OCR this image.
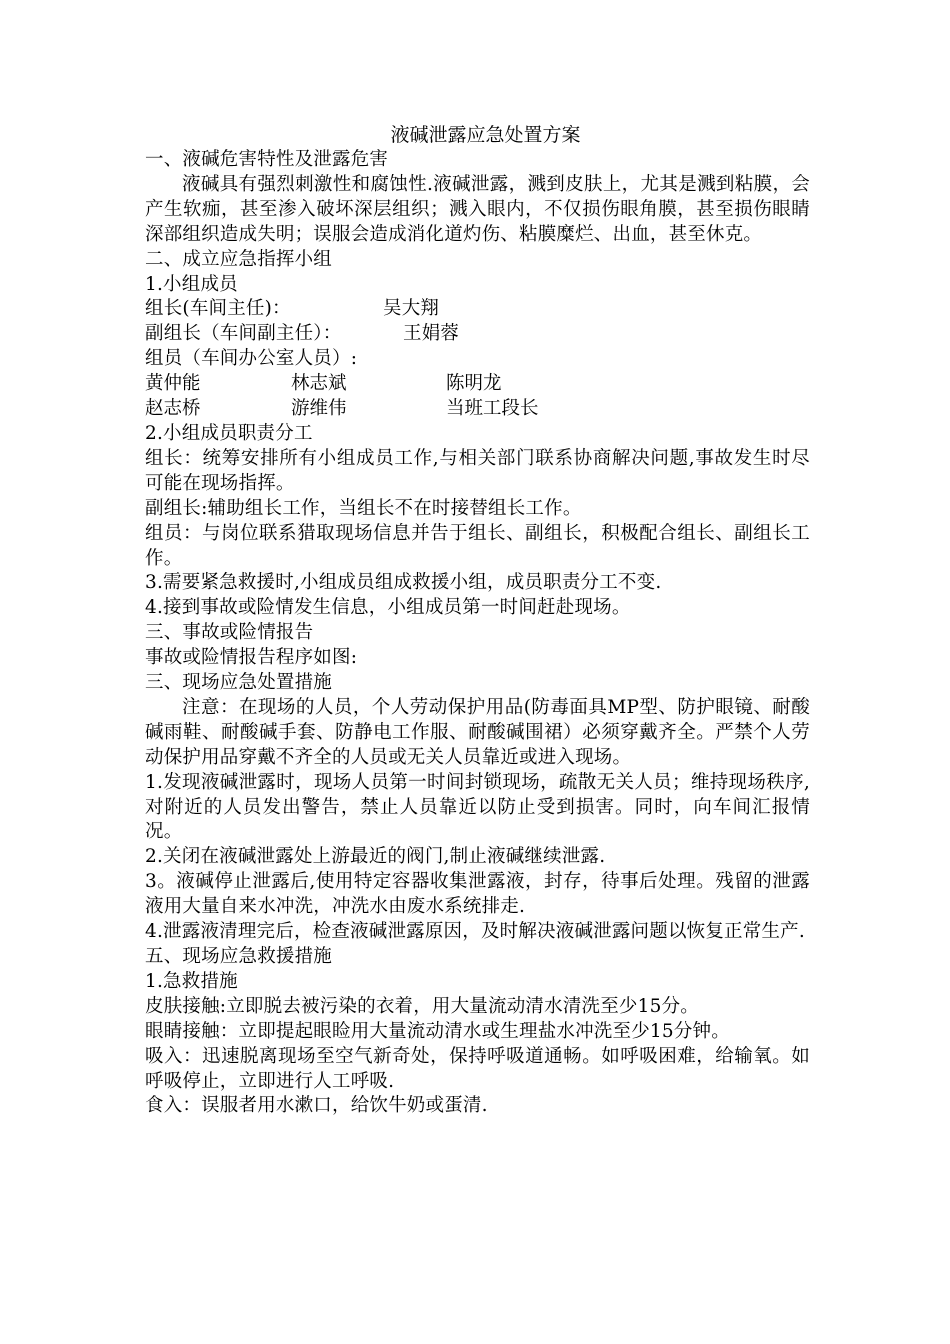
液碱泄露应急处置方案
一、液碱危害特性及泄露危害
液碱具有强烈刺激性和腐蚀性.液碱泄露，溅到皮肤上，尤其是溅到粘膜，会产生软痂，甚至渗入破坏深层组织；溅入眼内，不仅损伤眼角膜，甚至损伤眼睛深部组织造成失明；误服会造成消化道灼伤、粘膜糜烂、出血，甚至休克。
二、成立应急指挥小组
1.小组成员
组长(车间主任)：	吴大翔
副组长（车间副主任）：	王娟蓉
组员（车间办公室人员）:
黄仲能	林志斌	陈明龙
赵志桥	游维伟	当班工段长
2.小组成员职责分工
组长：统筹安排所有小组成员工作,与相关部门联系协商解决问题,事故发生时尽可能在现场指挥。
副组长:辅助组长工作，当组长不在时接替组长工作。
组员：与岗位联系猎取现场信息并告于组长、副组长，积极配合组长、副组长工作。
3.需要紧急救援时,小组成员组成救援小组，成员职责分工不变.
4.接到事故或险情发生信息，小组成员第一时间赶赴现场。
三、事故或险情报告
事故或险情报告程序如图:
三、现场应急处置措施
注意：在现场的人员，个人劳动保护用品(防毒面具MP型、防护眼镜、耐酸碱雨鞋、耐酸碱手套、防静电工作服、耐酸碱围裙）必须穿戴齐全。严禁个人劳动保护用品穿戴不齐全的人员或无关人员靠近或进入现场。
1.发现液碱泄露时，现场人员第一时间封锁现场，疏散无关人员；维持现场秩序,对附近的人员发出警告，禁止人员靠近以防止受到损害。同时，向车间汇报情况。
2.关闭在液碱泄露处上游最近的阀门,制止液碱继续泄露.
3。液碱停止泄露后,使用特定容器收集泄露液，封存，待事后处理。残留的泄露液用大量自来水冲洗，冲洗水由废水系统排走.
4.泄露液清理完后，检查液碱泄露原因，及时解决液碱泄露问题以恢复正常生产.
五、现场应急救援措施
1.急救措施
皮肤接触:立即脱去被污染的衣着，用大量流动清水清洗至少15分。
眼睛接触：立即提起眼睑用大量流动清水或生理盐水冲洗至少15分钟。
吸入：迅速脱离现场至空气新奇处，保持呼吸道通畅。如呼吸困难，给输氧。如呼吸停止，立即进行人工呼吸.
食入：误服者用水漱口，给饮牛奶或蛋清.
